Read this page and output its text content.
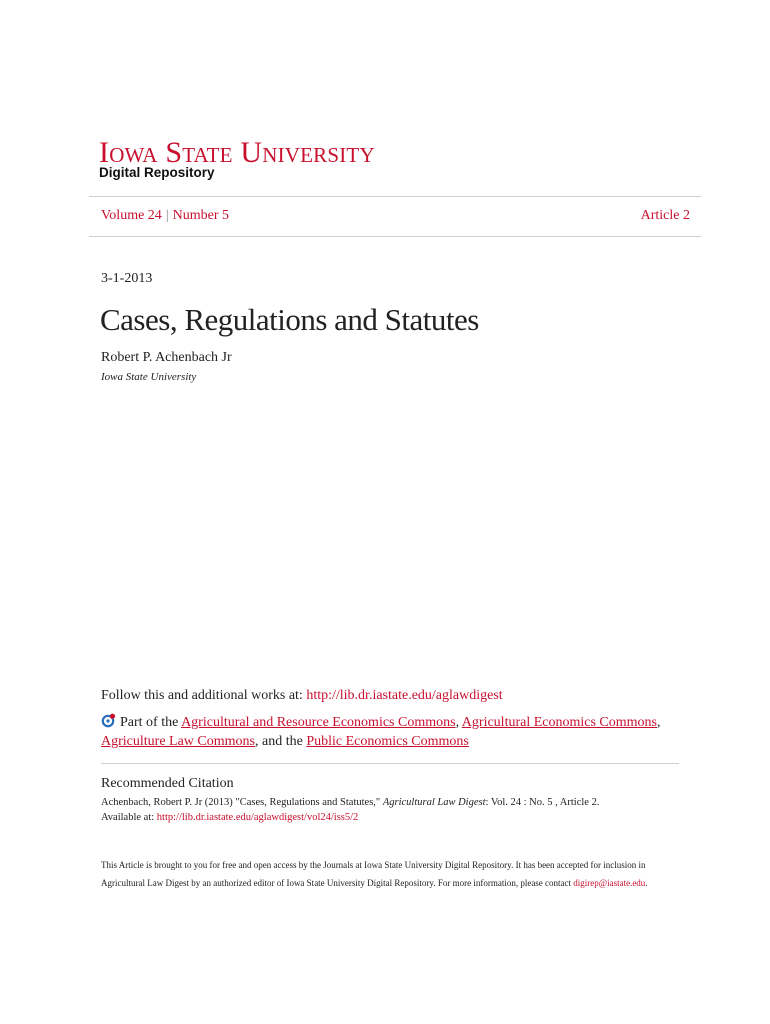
Iowa State University
Digital Repository
Volume 24 | Number 5	Article 2
3-1-2013
Cases, Regulations and Statutes
Robert P. Achenbach Jr
Iowa State University
Follow this and additional works at: http://lib.dr.iastate.edu/aglawdigest
Part of the Agricultural and Resource Economics Commons, Agricultural Economics Commons, Agriculture Law Commons, and the Public Economics Commons
Recommended Citation
Achenbach, Robert P. Jr (2013) "Cases, Regulations and Statutes," Agricultural Law Digest: Vol. 24 : No. 5 , Article 2.
Available at: http://lib.dr.iastate.edu/aglawdigest/vol24/iss5/2
This Article is brought to you for free and open access by the Journals at Iowa State University Digital Repository. It has been accepted for inclusion in Agricultural Law Digest by an authorized editor of Iowa State University Digital Repository. For more information, please contact digirep@iastate.edu.
